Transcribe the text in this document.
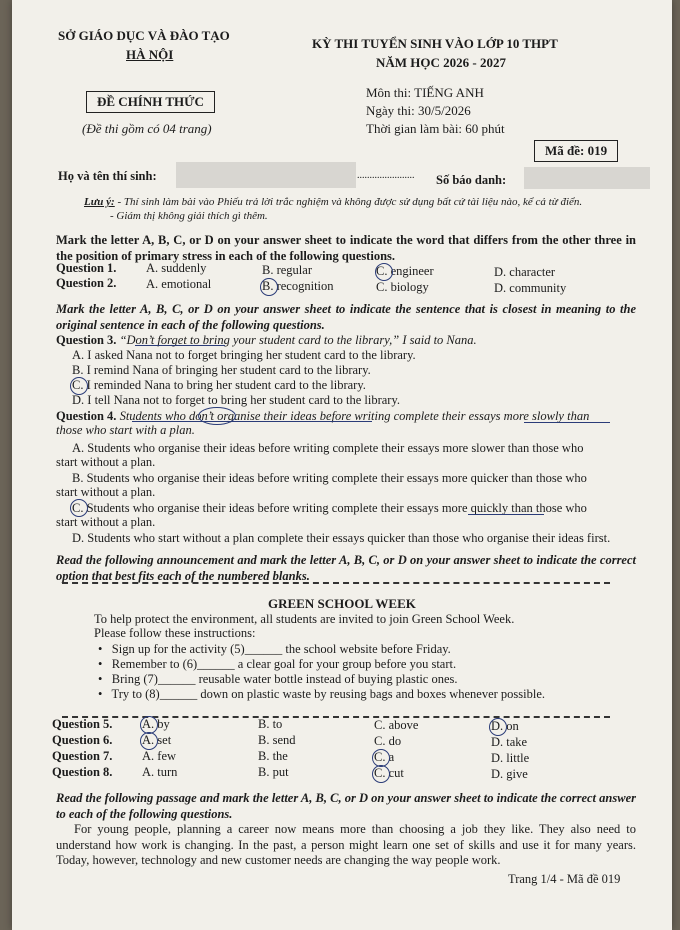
SỞ GIÁO DỤC VÀ ĐÀO TẠO
HÀ NỘI
ĐỀ CHÍNH THỨC
(Đề thi gồm có 04 trang)
KỲ THI TUYỂN SINH VÀO LỚP 10 THPT
NĂM HỌC 2026 - 2027
Môn thi: TIẾNG ANH
Ngày thi: 30/5/2026
Thời gian làm bài: 60 phút
Mã đề: 019
Họ và tên thí sinh:	....................... Số báo danh:
Lưu ý: - Thí sinh làm bài vào Phiếu trả lời trắc nghiệm và không được sử dụng bất cứ tài liệu nào, kể cả từ điển.
- Giám thị không giải thích gì thêm.
Mark the letter A, B, C, or D on your answer sheet to indicate the word that differs from the other three in the position of primary stress in each of the following questions.
Question 1. A. suddenly	B. regular	C. engineer	D. character
Question 2. A. emotional	B. recognition	C. biology	D. community
Mark the letter A, B, C, or D on your answer sheet to indicate the sentence that is closest in meaning to the original sentence in each of the following questions.
Question 3. “Don’t forget to bring your student card to the library,” I said to Nana.
A. I asked Nana not to forget bringing her student card to the library.
B. I remind Nana of bringing her student card to the library.
C. I reminded Nana to bring her student card to the library.
D. I tell Nana not to forget to bring her student card to the library.
Question 4. Students who don’t organise their ideas before writing complete their essays more slowly than
those who start with a plan.
A. Students who organise their ideas before writing complete their essays more slower than those who
start without a plan.
B. Students who organise their ideas before writing complete their essays more quicker than those who
start without a plan.
C. Students who organise their ideas before writing complete their essays more quickly than those who
start without a plan.
D. Students who start without a plan complete their essays quicker than those who organise their ideas first.
Read the following announcement and mark the letter A, B, C, or D on your answer sheet to indicate the correct option that best fits each of the numbered blanks.
GREEN SCHOOL WEEK
To help protect the environment, all students are invited to join Green School Week.
Please follow these instructions:
•   Sign up for the activity (5)______ the school website before Friday.
•   Remember to (6)______ a clear goal for your group before you start.
•   Bring (7)______ reusable water bottle instead of buying plastic ones.
•   Try to (8)______ down on plastic waste by reusing bags and boxes whenever possible.
Question 5. A. by	B. to	C. above	D. on
Question 6. A. set	B. send	C. do	D. take
Question 7. A. few	B. the	C. a	D. little
Question 8. A. turn	B. put	C. cut	D. give
Read the following passage and mark the letter A, B, C, or D on your answer sheet to indicate the correct answer to each of the following questions.
For young people, planning a career now means more than choosing a job they like. They also need to understand how work is changing. In the past, a person might learn one set of skills and use it for many years. Today, however, technology and new customer needs are changing the way people work.
Trang 1/4 - Mã đề 019
